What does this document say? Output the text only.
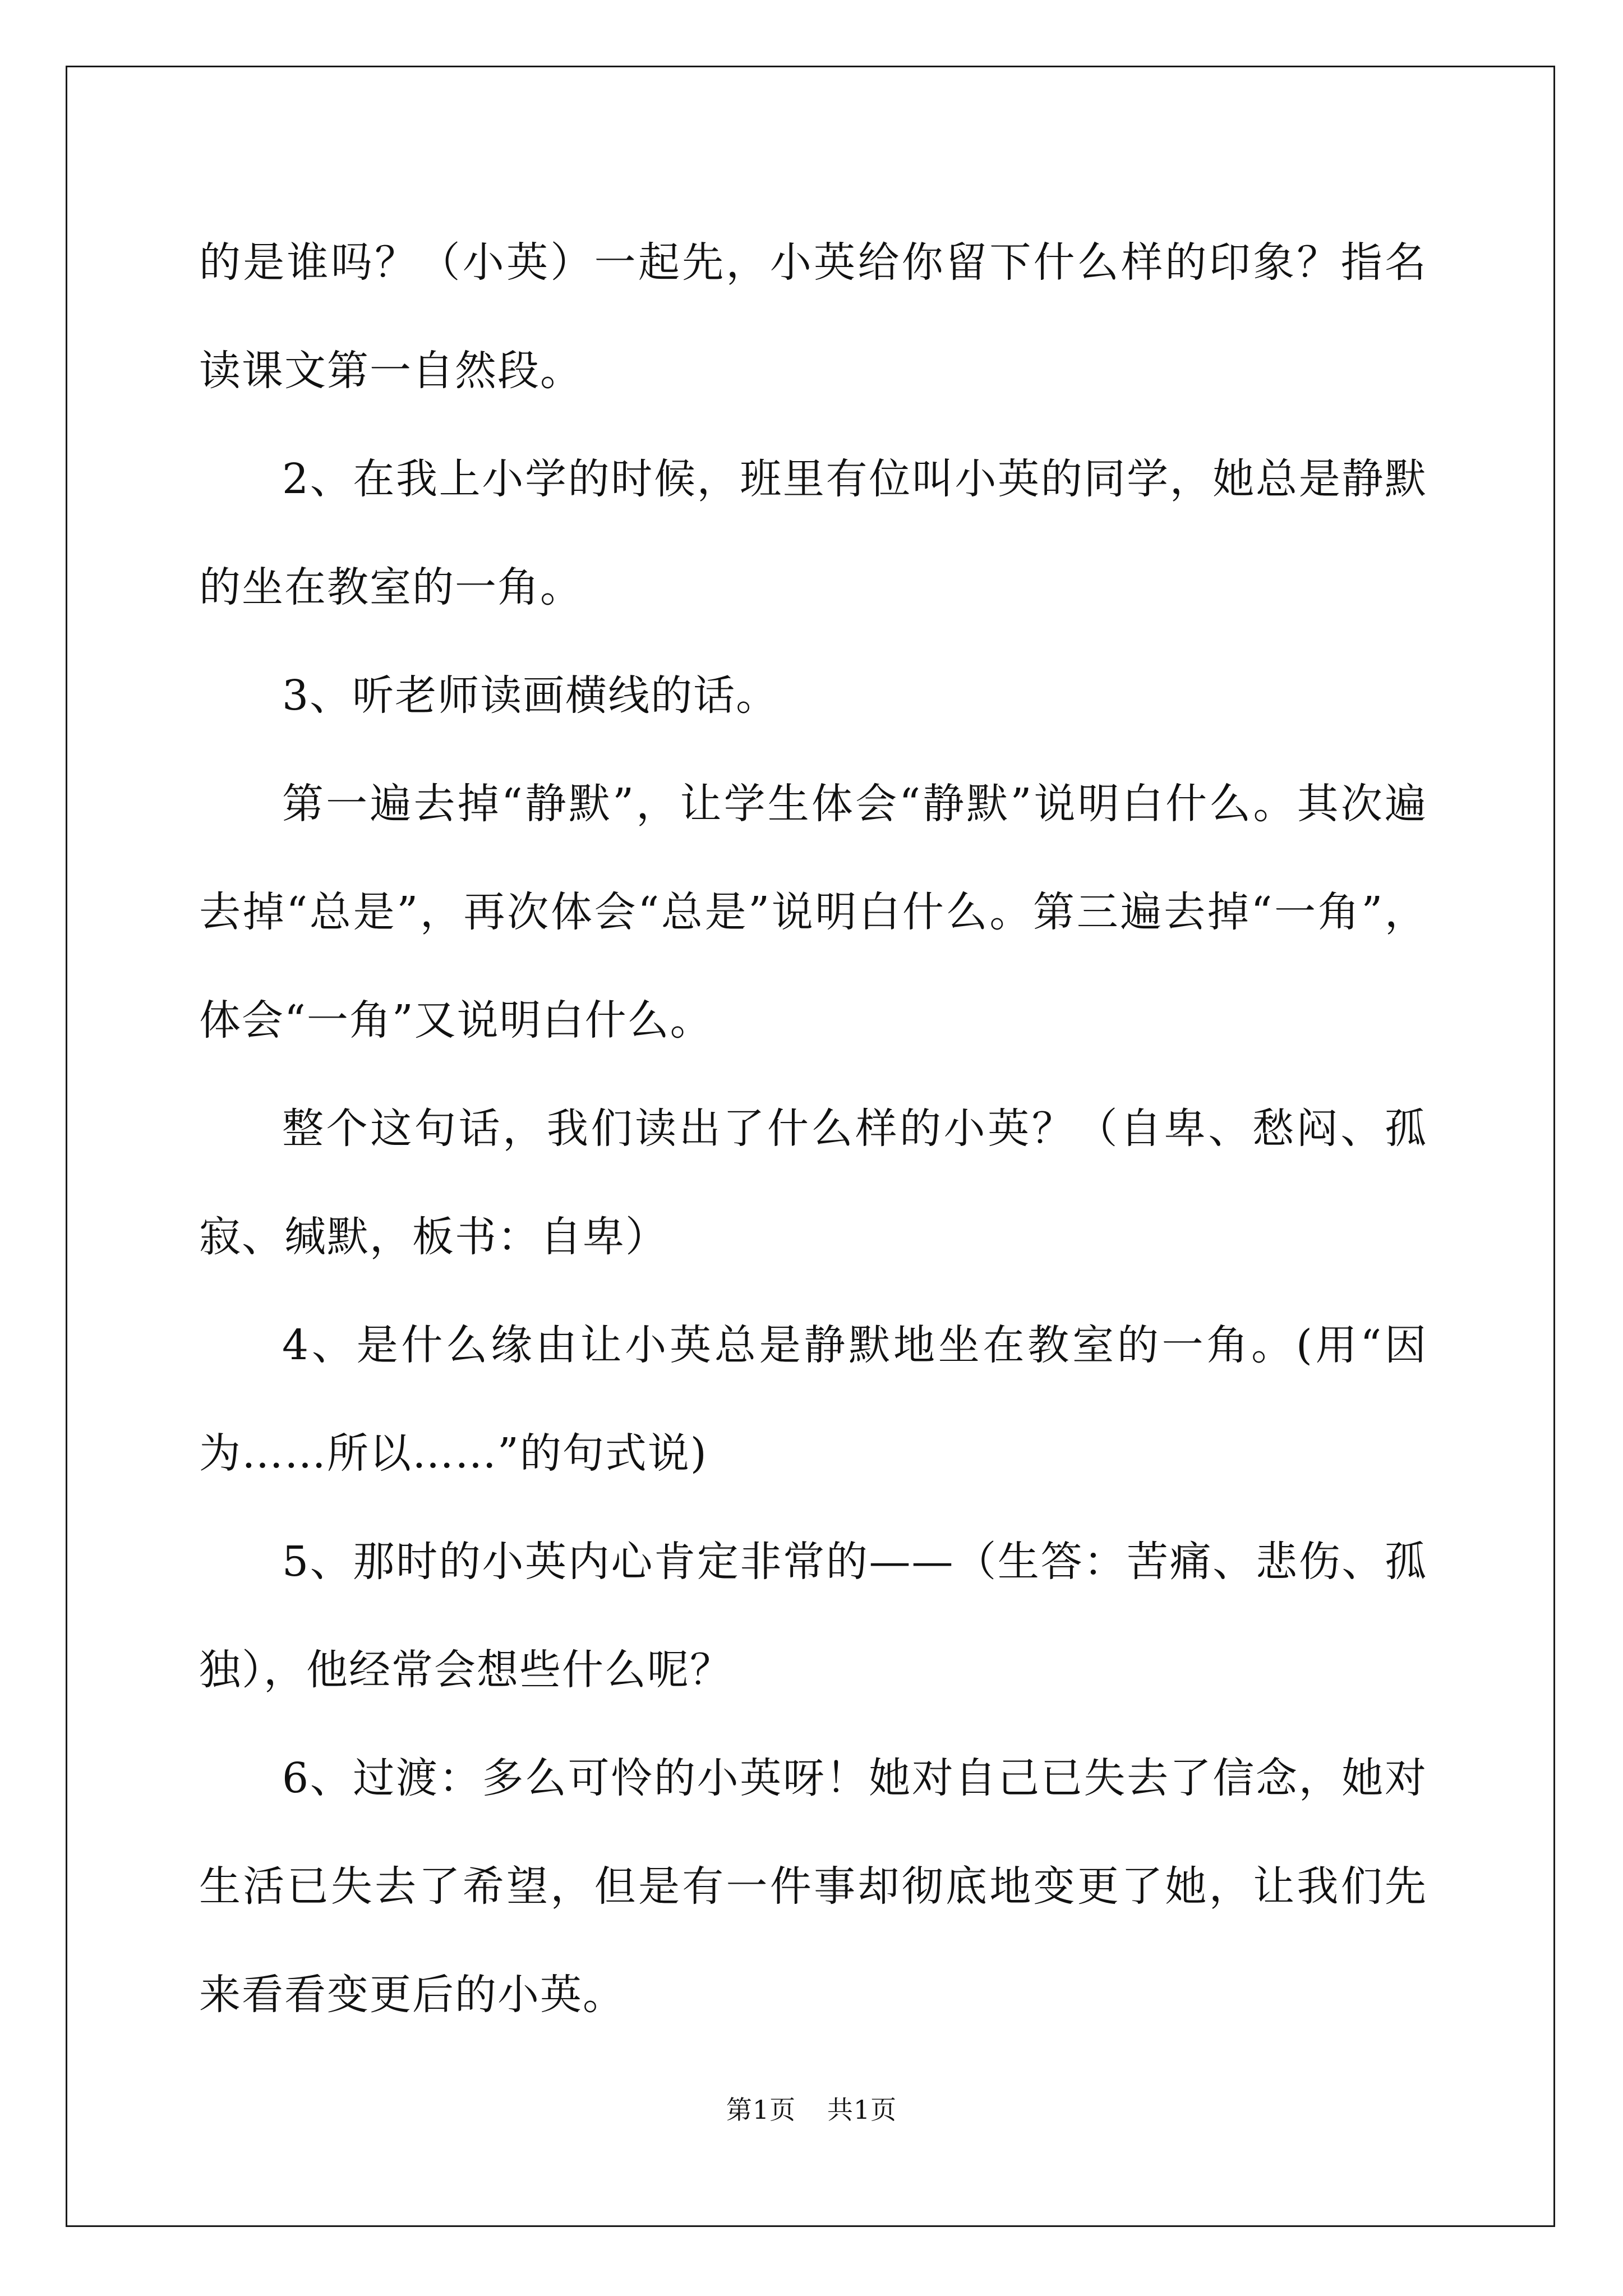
的是谁吗？（小英）一起先，小英给你留下什么样的印象？指名读课文第一自然段。

2、在我上小学的时候，班里有位叫小英的同学，她总是静默的坐在教室的一角。

3、听老师读画横线的话。

第一遍去掉“静默”，让学生体会“静默”说明白什么。其次遍去掉“总是”，再次体会“总是”说明白什么。第三遍去掉“一角”，体会“一角”又说明白什么。

整个这句话，我们读出了什么样的小英？（自卑、愁闷、孤寂、缄默，板书：自卑）

4、是什么缘由让小英总是静默地坐在教室的一角。(用“因为……所以……”的句式说)

5、那时的小英内心肯定非常的——（生答：苦痛、悲伤、孤独），他经常会想些什么呢？

6、过渡：多么可怜的小英呀！她对自己已失去了信念，她对生活已失去了希望，但是有一件事却彻底地变更了她，让我们先来看看变更后的小英。

第1页 共1页
